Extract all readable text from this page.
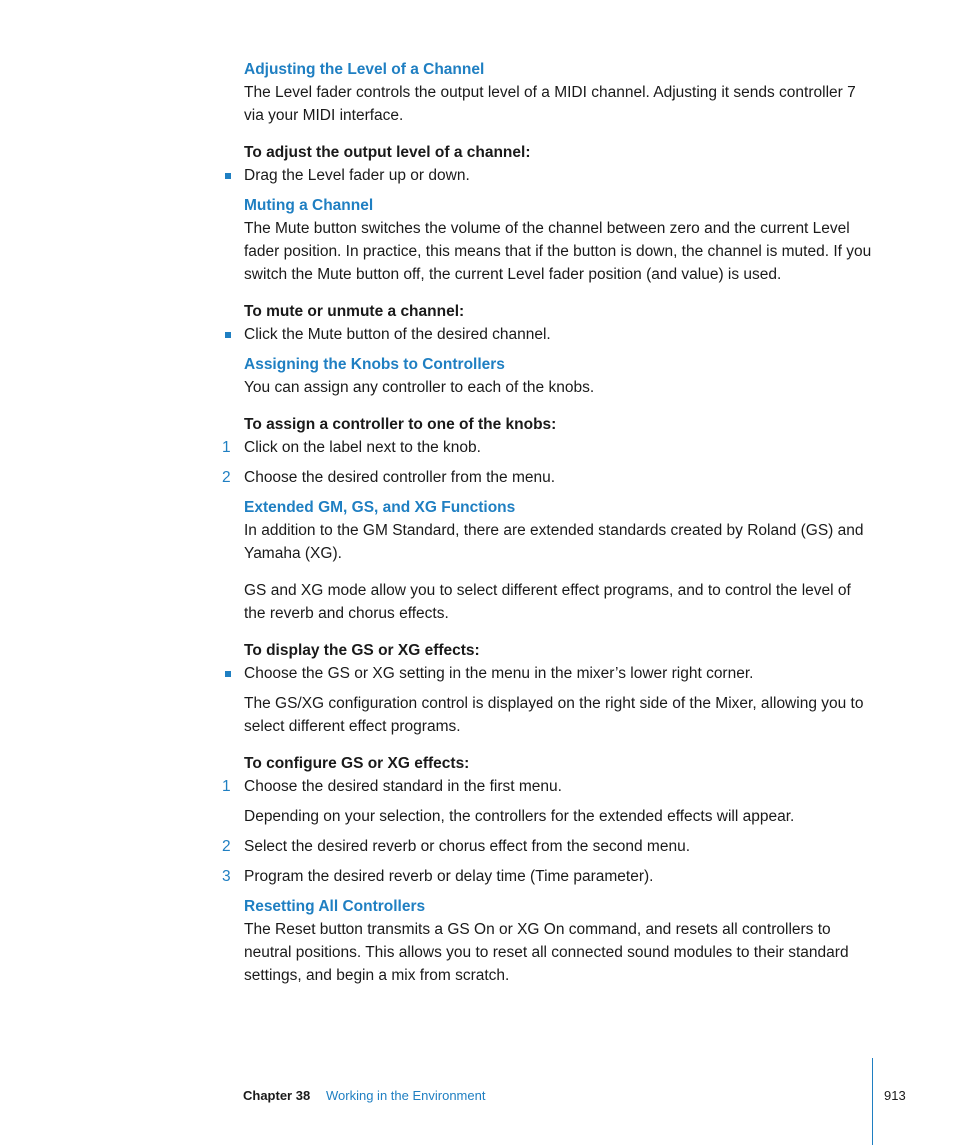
Adjusting the Level of a Channel

The Level fader controls the output level of a MIDI channel. Adjusting it sends controller 7 via your MIDI interface.

To adjust the output level of a channel:

Drag the Level fader up or down.

Muting a Channel

The Mute button switches the volume of the channel between zero and the current Level fader position. In practice, this means that if the button is down, the channel is muted. If you switch the Mute button off, the current Level fader position (and value) is used.

To mute or unmute a channel:

Click the Mute button of the desired channel.

Assigning the Knobs to Controllers

You can assign any controller to each of the knobs.

To assign a controller to one of the knobs:

1 Click on the label next to the knob.
2 Choose the desired controller from the menu.

Extended GM, GS, and XG Functions

In addition to the GM Standard, there are extended standards created by Roland (GS) and Yamaha (XG).

GS and XG mode allow you to select different effect programs, and to control the level of the reverb and chorus effects.

To display the GS or XG effects:

Choose the GS or XG setting in the menu in the mixer’s lower right corner.

The GS/XG configuration control is displayed on the right side of the Mixer, allowing you to select different effect programs.

To configure GS or XG effects:

1 Choose the desired standard in the first menu.

Depending on your selection, the controllers for the extended effects will appear.

2 Select the desired reverb or chorus effect from the second menu.
3 Program the desired reverb or delay time (Time parameter).

Resetting All Controllers

The Reset button transmits a GS On or XG On command, and resets all controllers to neutral positions. This allows you to reset all connected sound modules to their standard settings, and begin a mix from scratch.

Chapter 38 Working in the Environment	913
